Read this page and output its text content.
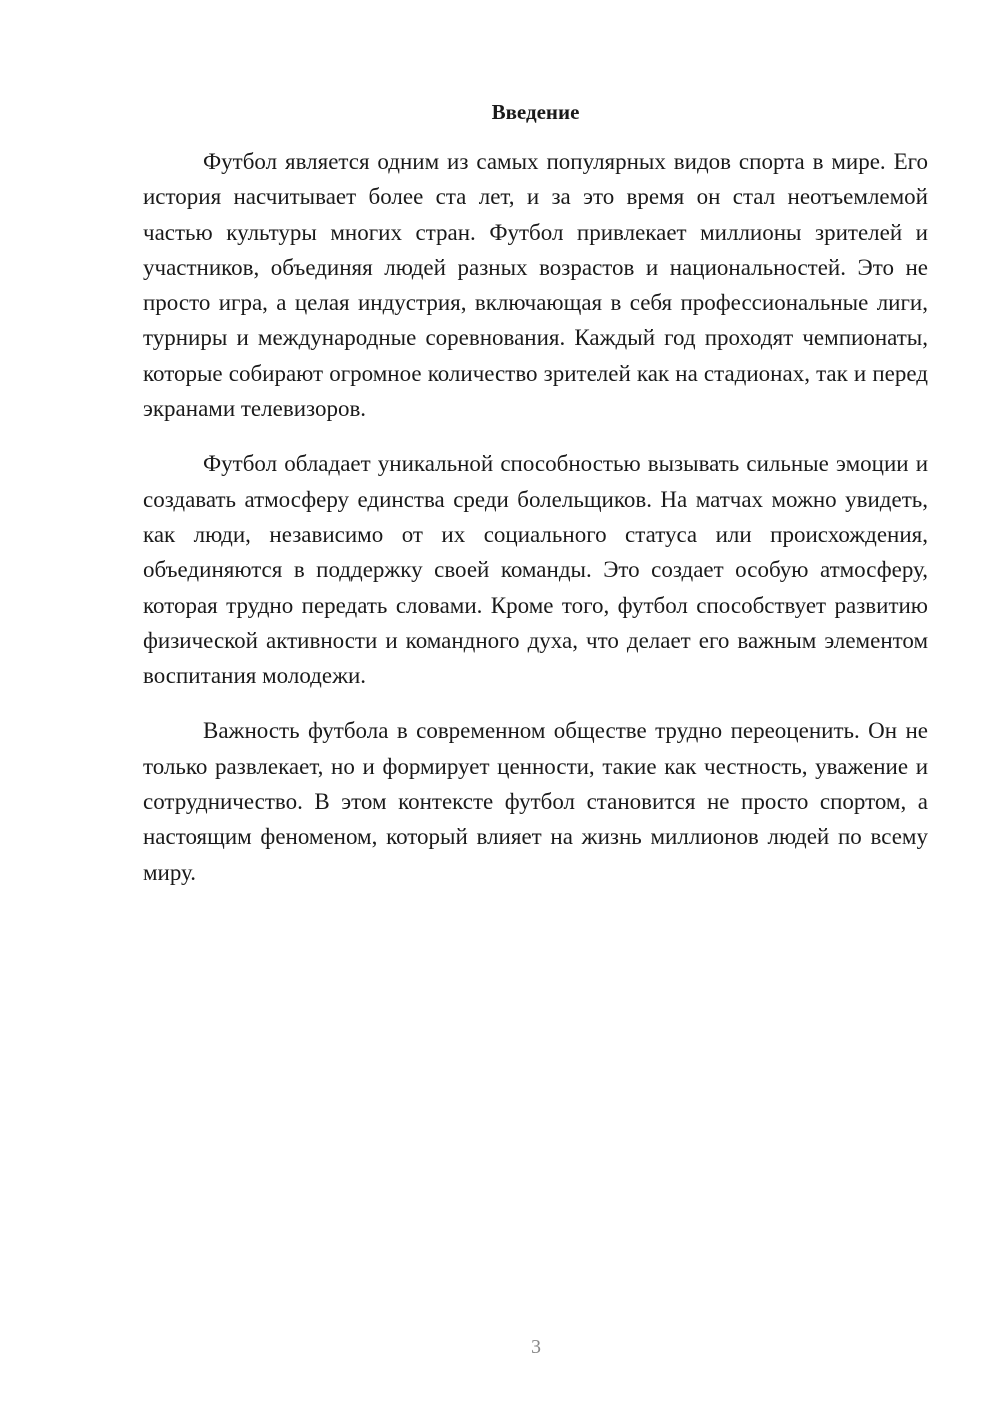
Введение

Футбол является одним из самых популярных видов спорта в мире. Его история насчитывает более ста лет, и за это время он стал неотъемлемой частью культуры многих стран. Футбол привлекает миллионы зрителей и участников, объединяя людей разных возрастов и национальностей. Это не просто игра, а целая индустрия, включающая в себя профессиональные лиги, турниры и международные соревнования. Каждый год проходят чемпионаты, которые собирают огромное количество зрителей как на стадионах, так и перед экранами телевизоров.

Футбол обладает уникальной способностью вызывать сильные эмоции и создавать атмосферу единства среди болельщиков. На матчах можно увидеть, как люди, независимо от их социального статуса или происхождения, объединяются в поддержку своей команды. Это создает особую атмосферу, которая трудно передать словами. Кроме того, футбол способствует развитию физической активности и командного духа, что делает его важным элементом воспитания молодежи.

Важность футбола в современном обществе трудно переоценить. Он не только развлекает, но и формирует ценности, такие как честность, уважение и сотрудничество. В этом контексте футбол становится не просто спортом, а настоящим феноменом, который влияет на жизнь миллионов людей по всему миру.

3
